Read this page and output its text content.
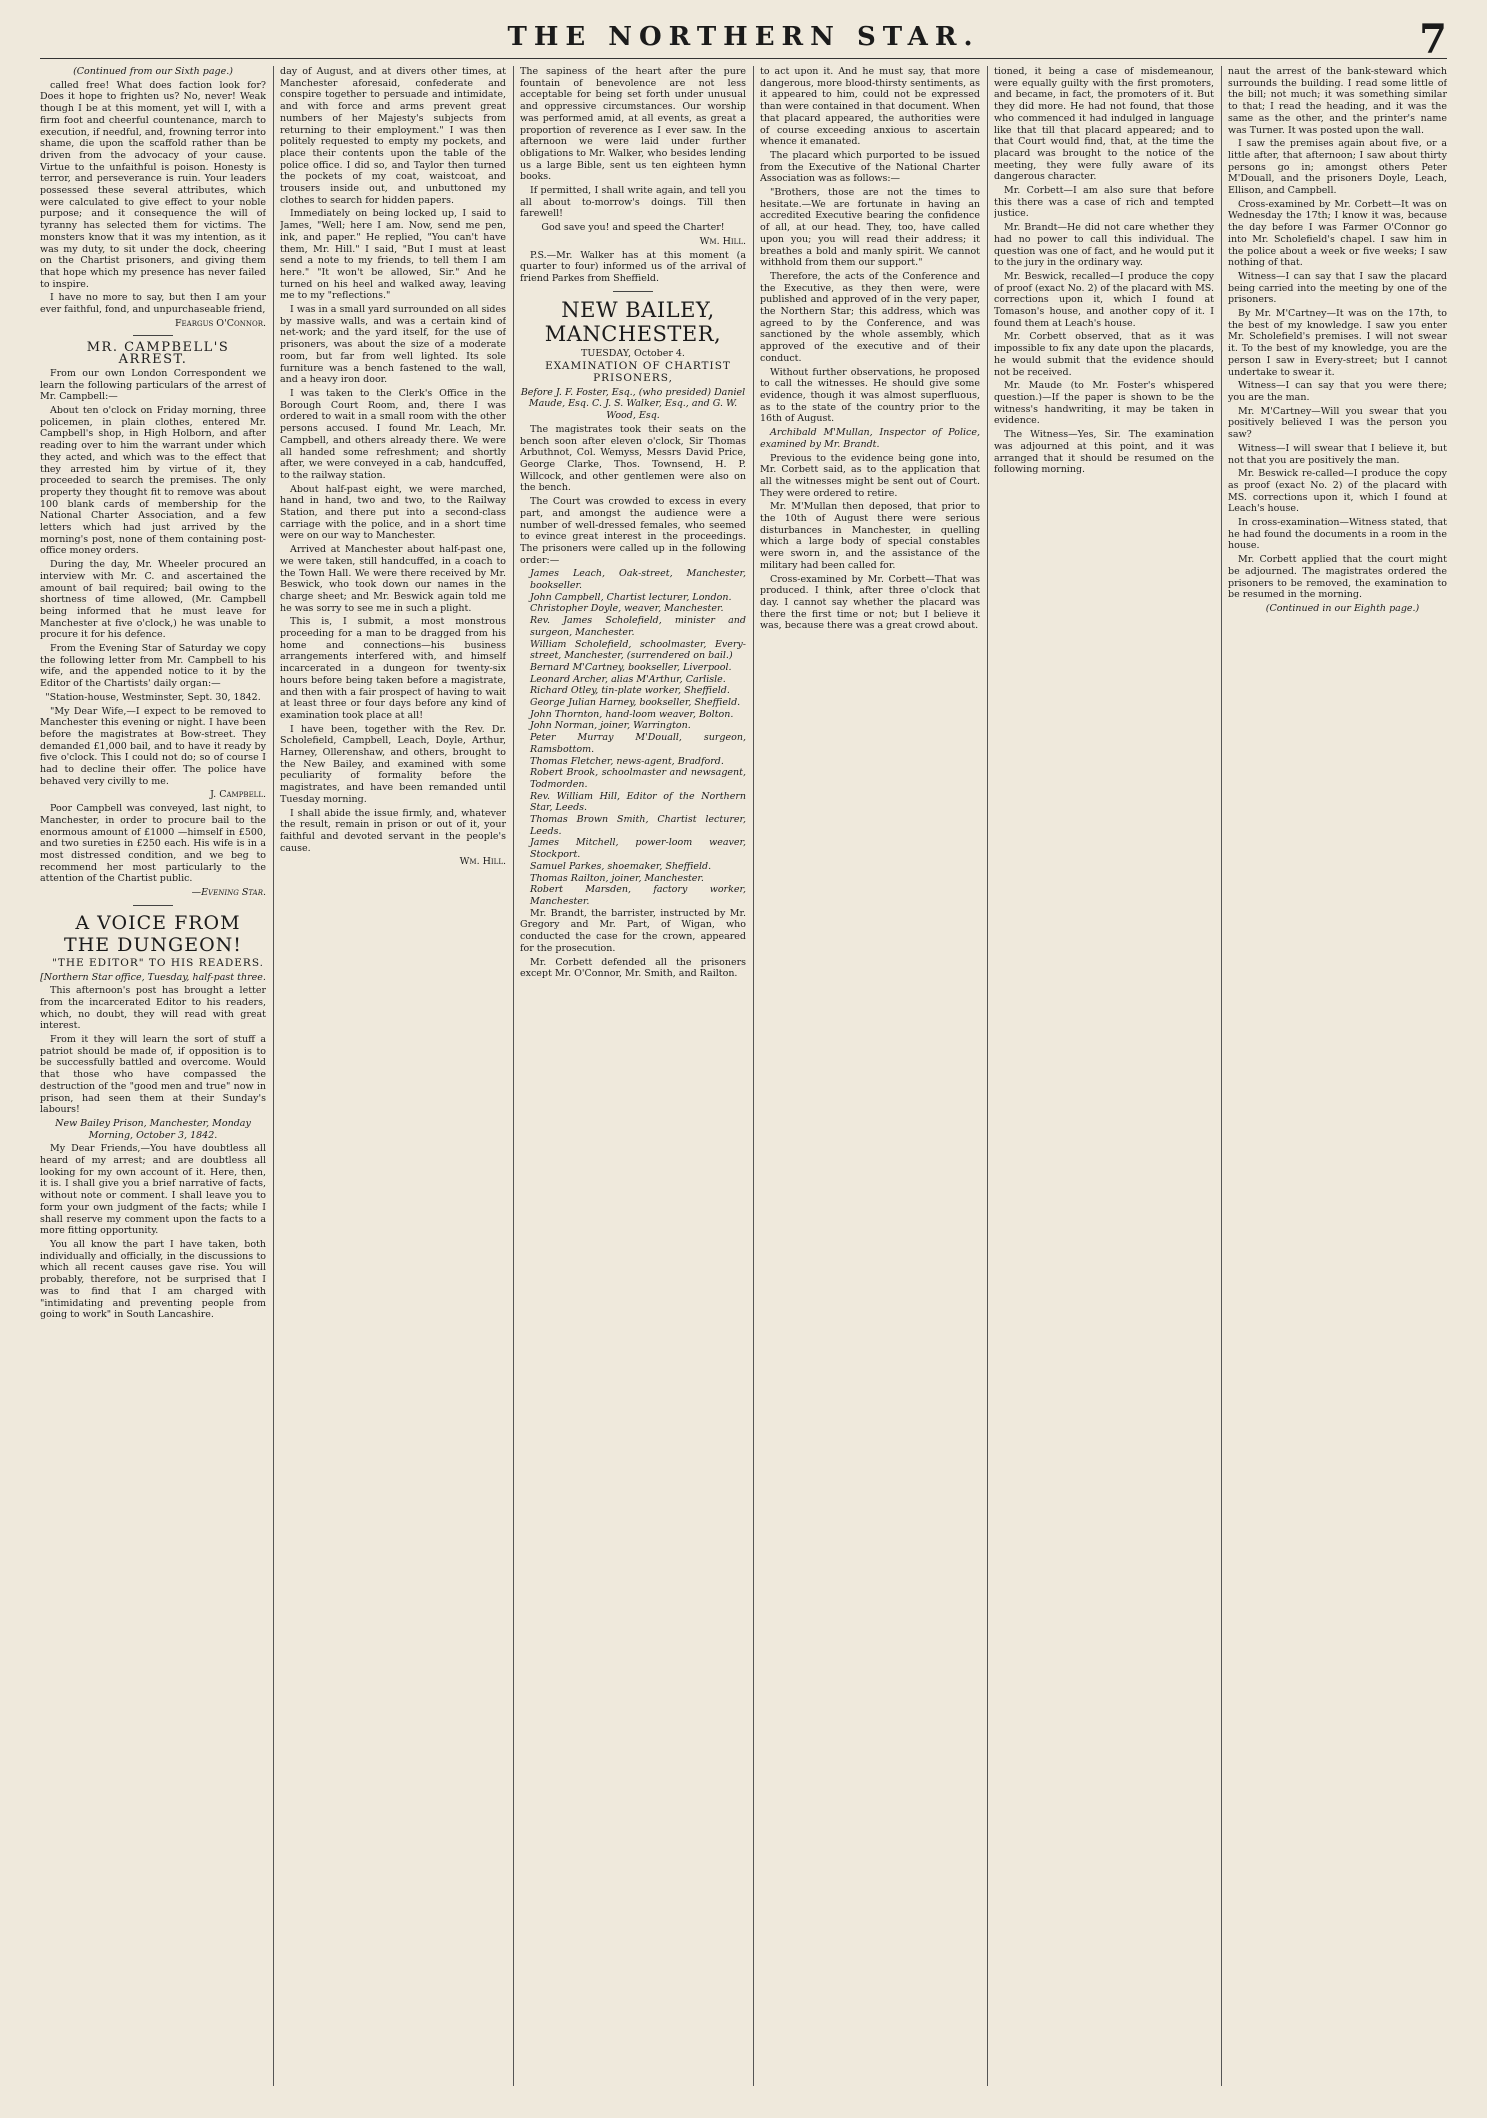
THE NORTHERN STAR.	7

(Continued from our Sixth page.)

called free! What does faction look for? Does it hope to frighten us? No, never! Weak though I be at this moment, yet will I, with a firm foot and cheerful countenance, march to execution, if needful, and, frowning terror into shame, die upon the scaffold rather than be driven from the advocacy of your cause. Virtue to the unfaithful is poison. Honesty is terror, and perseverance is ruin. Your leaders possessed these several attributes, which were calculated to give effect to your noble purpose; and it consequence the will of tyranny has selected them for victims. The monsters know that it was my intention, as it was my duty, to sit under the dock, cheering on the Chartist prisoners, and giving them that hope which my presence has never failed to inspire.

I have no more to say, but then I am your ever faithful, fond, and unpurchaseable friend,

Feargus O'Connor.

MR. CAMPBELL'S ARREST.

From our own London Correspondent we learn the following particulars of the arrest of Mr. Campbell:—

About ten o'clock on Friday morning, three policemen, in plain clothes, entered Mr. Campbell's shop, in High Holborn, and after reading over to him the warrant under which they acted, and which was to the effect that they arrested him by virtue of it, they proceeded to search the premises. The only property they thought fit to remove was about 100 blank cards of membership for the National Charter Association, and a few letters which had just arrived by the morning's post, none of them containing post-office money orders.

During the day, Mr. Wheeler procured an interview with Mr. C. and ascertained the amount of bail required; bail owing to the shortness of time allowed, (Mr. Campbell being informed that he must leave for Manchester at five o'clock,) he was unable to procure it for his defence.

From the Evening Star of Saturday we copy the following letter from Mr. Campbell to his wife, and the appended notice to it by the Editor of the Chartists' daily organ:—

"Station-house, Westminster, Sept. 30, 1842.

"My Dear Wife,—I expect to be removed to Manchester this evening or night. I have been before the magistrates at Bow-street. They demanded £1,000 bail, and to have it ready by five o'clock. This I could not do; so of course I had to decline their offer. The police have behaved very civilly to me.

J. Campbell.

Poor Campbell was conveyed, last night, to Manchester, in order to procure bail to the enormous amount of £1000 —himself in £500, and two sureties in £250 each. His wife is in a most distressed condition, and we beg to recommend her most particularly to the attention of the Chartist public.

—Evening Star.

A VOICE FROM THE DUNGEON!

"THE EDITOR" TO HIS READERS.

[Northern Star office, Tuesday, half-past three.

This afternoon's post has brought a letter from the incarcerated Editor to his readers, which, no doubt, they will read with great interest.

From it they will learn the sort of stuff a patriot should be made of, if opposition is to be successfully battled and overcome. Would that those who have compassed the destruction of the "good men and true" now in prison, had seen them at their Sunday's labours!

New Bailey Prison, Manchester, Monday Morning, October 3, 1842.

My Dear Friends,—You have doubtless all heard of my arrest; and are doubtless all looking for my own account of it. Here, then, it is. I shall give you a brief narrative of facts, without note or comment. I shall leave you to form your own judgment of the facts; while I shall reserve my comment upon the facts to a more fitting opportunity.

You all know the part I have taken, both individually and officially, in the discussions to which all recent causes gave rise. You will probably, therefore, not be surprised that I was to find that I am charged with "intimidating and preventing people from going to work" in South Lancashire.

day of August, and at divers other times, at Manchester aforesaid, confederate and conspire together to persuade and intimidate, and with force and arms prevent great numbers of her Majesty's subjects from returning to their employment." I was then politely requested to empty my pockets, and place their contents upon the table of the police office. I did so, and Taylor then turned the pockets of my coat, waistcoat, and trousers inside out, and unbuttoned my clothes to search for hidden papers.

Immediately on being locked up, I said to James, "Well; here I am. Now, send me pen, ink, and paper." He replied, "You can't have them, Mr. Hill." I said, "But I must at least send a note to my friends, to tell them I am here." "It won't be allowed, Sir." And he turned on his heel and walked away, leaving me to my "reflections."

I was in a small yard surrounded on all sides by massive walls, and was a certain kind of net-work; and the yard itself, for the use of prisoners, was about the size of a moderate room, but far from well lighted. Its sole furniture was a bench fastened to the wall, and a heavy iron door.

I was taken to the Clerk's Office in the Borough Court Room, and, there I was ordered to wait in a small room with the other persons accused. I found Mr. Leach, Mr. Campbell, and others already there. We were all handed some refreshment; and shortly after, we were conveyed in a cab, handcuffed, to the railway station.

About half-past eight, we were marched, hand in hand, two and two, to the Railway Station, and there put into a second-class carriage with the police, and in a short time were on our way to Manchester.

Arrived at Manchester about half-past one, we were taken, still handcuffed, in a coach to the Town Hall. We were there received by Mr. Beswick, who took down our names in the charge sheet; and Mr. Beswick again told me he was sorry to see me in such a plight.

This is, I submit, a most monstrous proceeding for a man to be dragged from his home and connections—his business arrangements interfered with, and himself incarcerated in a dungeon for twenty-six hours before being taken before a magistrate, and then with a fair prospect of having to wait at least three or four days before any kind of examination took place at all!

I have been, together with the Rev. Dr. Scholefield, Campbell, Leach, Doyle, Arthur, Harney, Ollerenshaw, and others, brought to the New Bailey, and examined with some peculiarity of formality before the magistrates, and have been remanded until Tuesday morning.

I shall abide the issue firmly, and, whatever the result, remain in prison or out of it, your faithful and devoted servant in the people's cause.

Wm. Hill.

The sapiness of the heart after the pure fountain of benevolence are not less acceptable for being set forth under unusual and oppressive circumstances. Our worship was performed amid, at all events, as great a proportion of reverence as I ever saw. In the afternoon we were laid under further obligations to Mr. Walker, who besides lending us a large Bible, sent us ten eighteen hymn books.

If permitted, I shall write again, and tell you all about to-morrow's doings. Till then farewell!

God save you! and speed the Charter!

Wm. Hill.

P.S.—Mr. Walker has at this moment (a quarter to four) informed us of the arrival of friend Parkes from Sheffield.

NEW BAILEY, MANCHESTER,

TUESDAY, October 4.

EXAMINATION OF CHARTIST PRISONERS,

Before J. F. Foster, Esq., (who presided) Daniel Maude, Esq. C. J. S. Walker, Esq., and G. W. Wood, Esq.

The magistrates took their seats on the bench soon after eleven o'clock, Sir Thomas Arbuthnot, Col. Wemyss, Messrs David Price, George Clarke, Thos. Townsend, H. P. Willcock, and other gentlemen were also on the bench.

The Court was crowded to excess in every part, and amongst the audience were a number of well-dressed females, who seemed to evince great interest in the proceedings. The prisoners were called up in the following order:—

James Leach, Oak-street, Manchester, bookseller.

John Campbell, Chartist lecturer, London.

Christopher Doyle, weaver, Manchester.

Rev. James Scholefield, minister and surgeon, Manchester.

William Scholefield, schoolmaster, Every-street, Manchester, (surrendered on bail.)

Bernard M'Cartney, bookseller, Liverpool.

Leonard Archer, alias M'Arthur, Carlisle.

Richard Otley, tin-plate worker, Sheffield.

George Julian Harney, bookseller, Sheffield.

John Thornton, hand-loom weaver, Bolton.

John Norman, joiner, Warrington.

Peter Murray M'Douall, surgeon, Ramsbottom.

Thomas Fletcher, news-agent, Bradford.

Robert Brook, schoolmaster and newsagent, Todmorden.

Rev. William Hill, Editor of the Northern Star, Leeds.

Thomas Brown Smith, Chartist lecturer, Leeds.

James Mitchell, power-loom weaver, Stockport.

Samuel Parkes, shoemaker, Sheffield.

Thomas Railton, joiner, Manchester.

Robert Marsden, factory worker, Manchester.

Mr. Brandt, the barrister, instructed by Mr. Gregory and Mr. Part, of Wigan, who conducted the case for the crown, appeared for the prosecution.

Mr. Corbett defended all the prisoners except Mr. O'Connor, Mr. Smith, and Railton.

to act upon it. And he must say, that more dangerous, more blood-thirsty sentiments, as it appeared to him, could not be expressed than were contained in that document. When that placard appeared, the authorities were of course exceeding anxious to ascertain whence it emanated.

The placard which purported to be issued from the Executive of the National Charter Association was as follows:—

"Brothers, those are not the times to hesitate.—We are fortunate in having an accredited Executive bearing the confidence of all, at our head. They, too, have called upon you; you will read their address; it breathes a bold and manly spirit. We cannot withhold from them our support."

Therefore, the acts of the Conference and the Executive, as they then were, were published and approved of in the very paper, the Northern Star; this address, which was agreed to by the Conference, and was sanctioned by the whole assembly, which approved of the executive and of their conduct.

Without further observations, he proposed to call the witnesses. He should give some evidence, though it was almost superfluous, as to the state of the country prior to the 16th of August.

Archibald M'Mullan, Inspector of Police, examined by Mr. Brandt.

Previous to the evidence being gone into, Mr. Corbett said, as to the application that all the witnesses might be sent out of Court. They were ordered to retire.

Mr. M'Mullan then deposed, that prior to the 10th of August there were serious disturbances in Manchester, in quelling which a large body of special constables were sworn in, and the assistance of the military had been called for.

Cross-examined by Mr. Corbett—That was produced. I think, after three o'clock that day. I cannot say whether the placard was there the first time or not; but I believe it was, because there was a great crowd about.

tioned, it being a case of misdemeanour, were equally guilty with the first promoters, and became, in fact, the promoters of it. But they did more. He had not found, that those who commenced it had indulged in language like that till that placard appeared; and to that Court would find, that, at the time the placard was brought to the notice of the meeting, they were fully aware of its dangerous character.

Mr. Corbett—I am also sure that before this there was a case of rich and tempted justice.

Mr. Brandt—He did not care whether they had no power to call this individual. The question was one of fact, and he would put it to the jury in the ordinary way.

Mr. Beswick, recalled—I produce the copy of proof (exact No. 2) of the placard with MS. corrections upon it, which I found at Tomason's house, and another copy of it. I found them at Leach's house.

Mr. Corbett observed, that as it was impossible to fix any date upon the placards, he would submit that the evidence should not be received.

Mr. Maude (to Mr. Foster's whispered question.)—If the paper is shown to be the witness's handwriting, it may be taken in evidence.

The Witness—Yes, Sir. The examination was adjourned at this point, and it was arranged that it should be resumed on the following morning.

naut the arrest of the bank-steward which surrounds the building. I read some little of the bill; not much; it was something similar to that; I read the heading, and it was the same as the other, and the printer's name was Turner. It was posted upon the wall.

I saw the premises again about five, or a little after, that afternoon; I saw about thirty persons go in; amongst others Peter M'Douall, and the prisoners Doyle, Leach, Ellison, and Campbell.

Cross-examined by Mr. Corbett—It was on Wednesday the 17th; I know it was, because the day before I was Farmer O'Connor go into Mr. Scholefield's chapel. I saw him in the police about a week or five weeks; I saw nothing of that.

Witness—I can say that I saw the placard being carried into the meeting by one of the prisoners.

By Mr. M'Cartney—It was on the 17th, to the best of my knowledge. I saw you enter Mr. Scholefield's premises. I will not swear it. To the best of my knowledge, you are the person I saw in Every-street; but I cannot undertake to swear it.

Witness—I can say that you were there; you are the man.

Mr. M'Cartney—Will you swear that you positively believed I was the person you saw?

Witness—I will swear that I believe it, but not that you are positively the man.

Mr. Beswick re-called—I produce the copy as proof (exact No. 2) of the placard with MS. corrections upon it, which I found at Leach's house.

In cross-examination—Witness stated, that he had found the documents in a room in the house.

Mr. Corbett applied that the court might be adjourned. The magistrates ordered the prisoners to be removed, the examination to be resumed in the morning.

(Continued in our Eighth page.)
